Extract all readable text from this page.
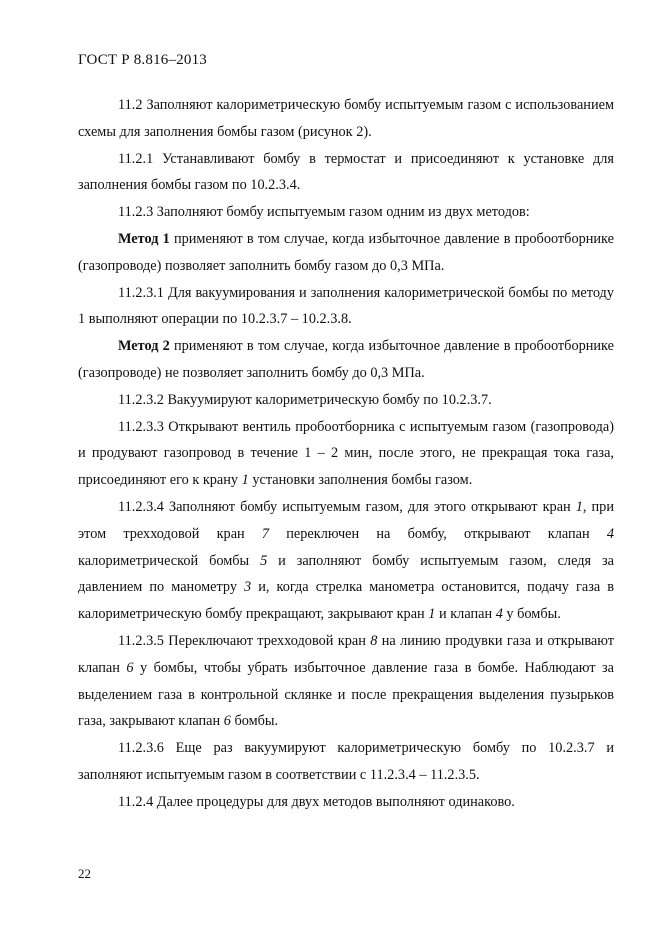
ГОСТ Р 8.816–2013

11.2 Заполняют калориметрическую бомбу испытуемым газом с использованием схемы для заполнения бомбы газом (рисунок 2).

11.2.1 Устанавливают бомбу в термостат и присоединяют к установке для заполнения бомбы газом по 10.2.3.4.

11.2.3 Заполняют бомбу испытуемым газом одним из двух методов:

Метод 1 применяют в том случае, когда избыточное давление в пробоотборнике (газопроводе) позволяет заполнить бомбу газом до 0,3 МПа.

11.2.3.1 Для вакуумирования и заполнения калориметрической бомбы по методу 1 выполняют операции по 10.2.3.7 – 10.2.3.8.

Метод 2 применяют в том случае, когда избыточное давление в пробоотборнике (газопроводе) не позволяет заполнить бомбу до 0,3 МПа.

11.2.3.2 Вакуумируют калориметрическую бомбу по 10.2.3.7.

11.2.3.3 Открывают вентиль пробоотборника с испытуемым газом (газопровода) и продувают газопровод в течение 1 – 2 мин, после этого, не прекращая тока газа, присоединяют его к крану 1 установки заполнения бомбы газом.

11.2.3.4 Заполняют бомбу испытуемым газом, для этого открывают кран 1, при этом трехходовой кран 7 переключен на бомбу, открывают клапан 4 калориметрической бомбы 5 и заполняют бомбу испытуемым газом, следя за давлением по манометру 3 и, когда стрелка манометра остановится, подачу газа в калориметрическую бомбу прекращают, закрывают кран 1 и клапан 4 у бомбы.

11.2.3.5 Переключают трехходовой кран 8 на линию продувки газа и открывают клапан 6 у бомбы, чтобы убрать избыточное давление газа в бомбе. Наблюдают за выделением газа в контрольной склянке и после прекращения выделения пузырьков газа, закрывают клапан 6 бомбы.

11.2.3.6 Еще раз вакуумируют калориметрическую бомбу по 10.2.3.7 и заполняют испытуемым газом в соответствии с 11.2.3.4 – 11.2.3.5.

11.2.4 Далее процедуры для двух методов выполняют одинаково.

22
